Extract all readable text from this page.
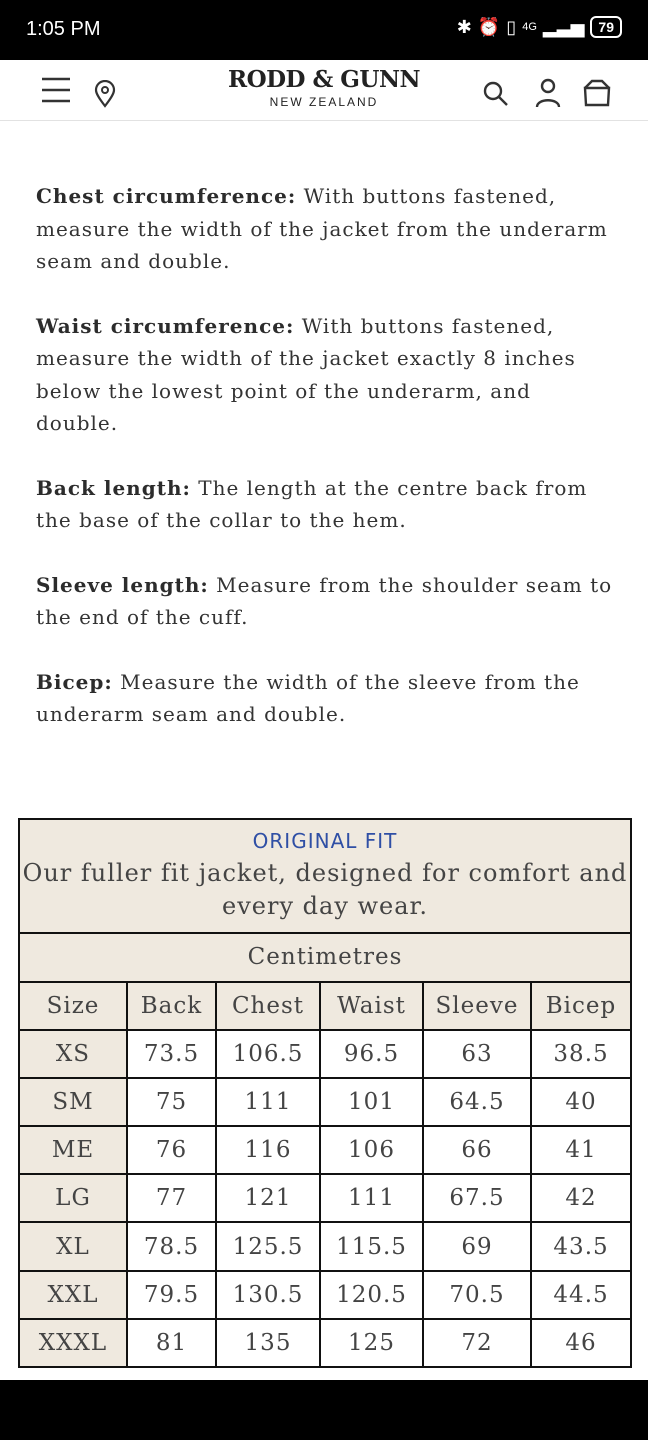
1:05 PM	✱ ⏰ ▯ 4G ▂▃▅	79
RODD & GUNN
NEW ZEALAND

Chest circumference: With buttons fastened, measure the width of the jacket from the underarm seam and double.

Waist circumference: With buttons fastened, measure the width of the jacket exactly 8 inches below the lowest point of the underarm, and double.

Back length: The length at the centre back from the base of the collar to the hem.

Sleeve length: Measure from the shoulder seam to the end of the cuff.

Bicep: Measure the width of the sleeve from the underarm seam and double.

ORIGINAL FIT
Our fuller fit jacket, designed for comfort and every day wear.					

Centimetres					
Size	Back	Chest	Waist	Sleeve	Bicep
XS	73.5	106.5	96.5	63	38.5
SM	75	111	101	64.5	40
ME	76	116	106	66	41
LG	77	121	111	67.5	42
XL	78.5	125.5	115.5	69	43.5
XXL	79.5	130.5	120.5	70.5	44.5
XXXL	81	135	125	72	46
